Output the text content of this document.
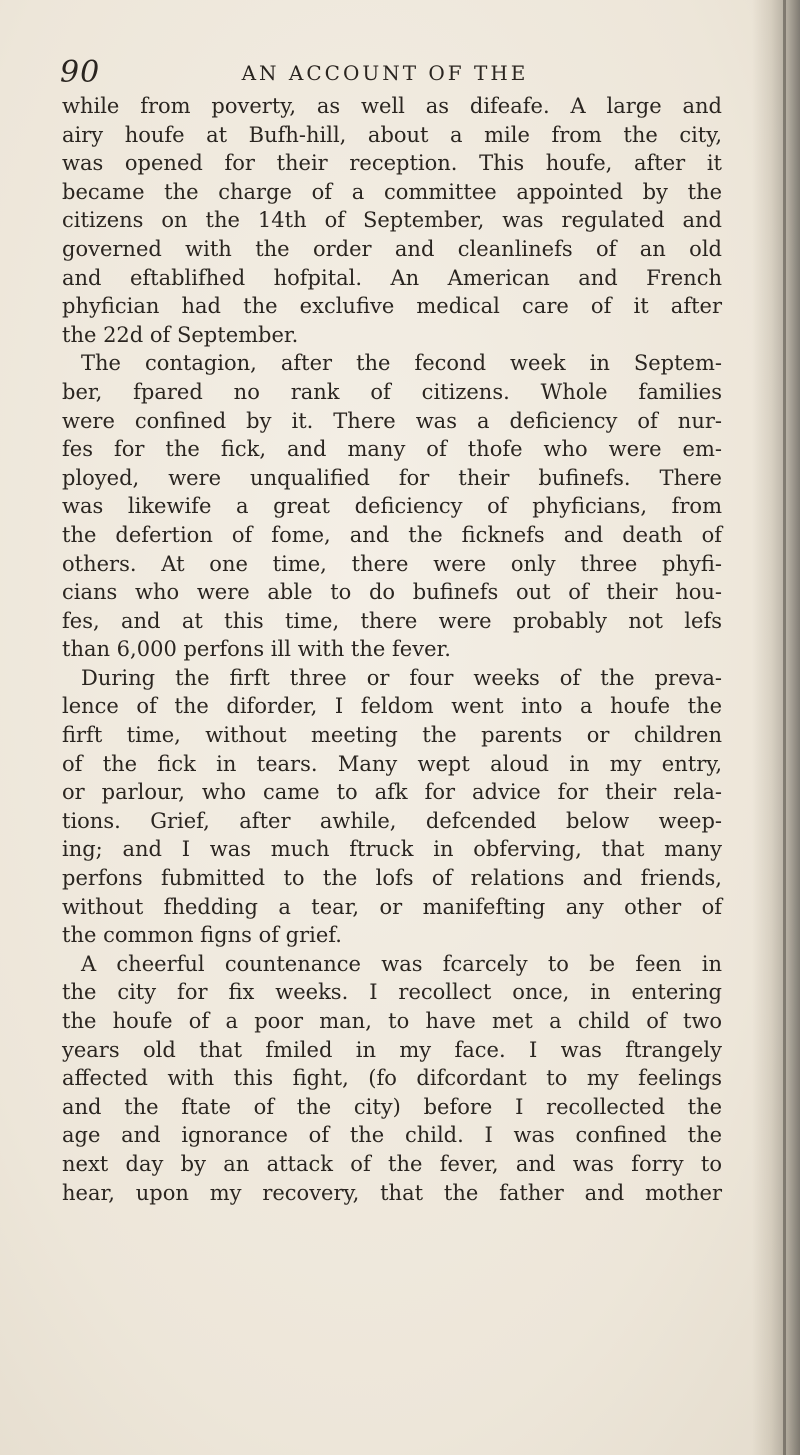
90	AN ACCOUNT OF THE
while from poverty, as well as difeafe. A large and
airy houfe at Bufh-hill, about a mile from the city,
was opened for their reception. This houfe, after it
became the charge of a committee appointed by the
citizens on the 14th of September, was regulated and
governed with the order and cleanlinefs of an old
and eftablifhed hofpital. An American and French
phyfician had the exclufive medical care of it after
the 22d of September.
The contagion, after the fecond week in Septem-
ber, fpared no rank of citizens. Whole families
were confined by it. There was a deficiency of nur-
fes for the fick, and many of thofe who were em-
ployed, were unqualified for their bufinefs. There
was likewife a great deficiency of phyficians, from
the defertion of fome, and the ficknefs and death of
others. At one time, there were only three phyfi-
cians who were able to do bufinefs out of their hou-
fes, and at this time, there were probably not lefs
than 6,000 perfons ill with the fever.
During the firft three or four weeks of the preva-
lence of the diforder, I feldom went into a houfe the
firft time, without meeting the parents or children
of the fick in tears. Many wept aloud in my entry,
or parlour, who came to afk for advice for their rela-
tions. Grief, after awhile, defcended below weep-
ing; and I was much ftruck in obferving, that many
perfons fubmitted to the lofs of relations and friends,
without fhedding a tear, or manifefting any other of
the common figns of grief.
A cheerful countenance was fcarcely to be feen in
the city for fix weeks. I recollect once, in entering
the houfe of a poor man, to have met a child of two
years old that fmiled in my face. I was ftrangely
affected with this fight, (fo difcordant to my feelings
and the ftate of the city) before I recollected the
age and ignorance of the child. I was confined the
next day by an attack of the fever, and was forry to
hear, upon my recovery, that the father and mother
